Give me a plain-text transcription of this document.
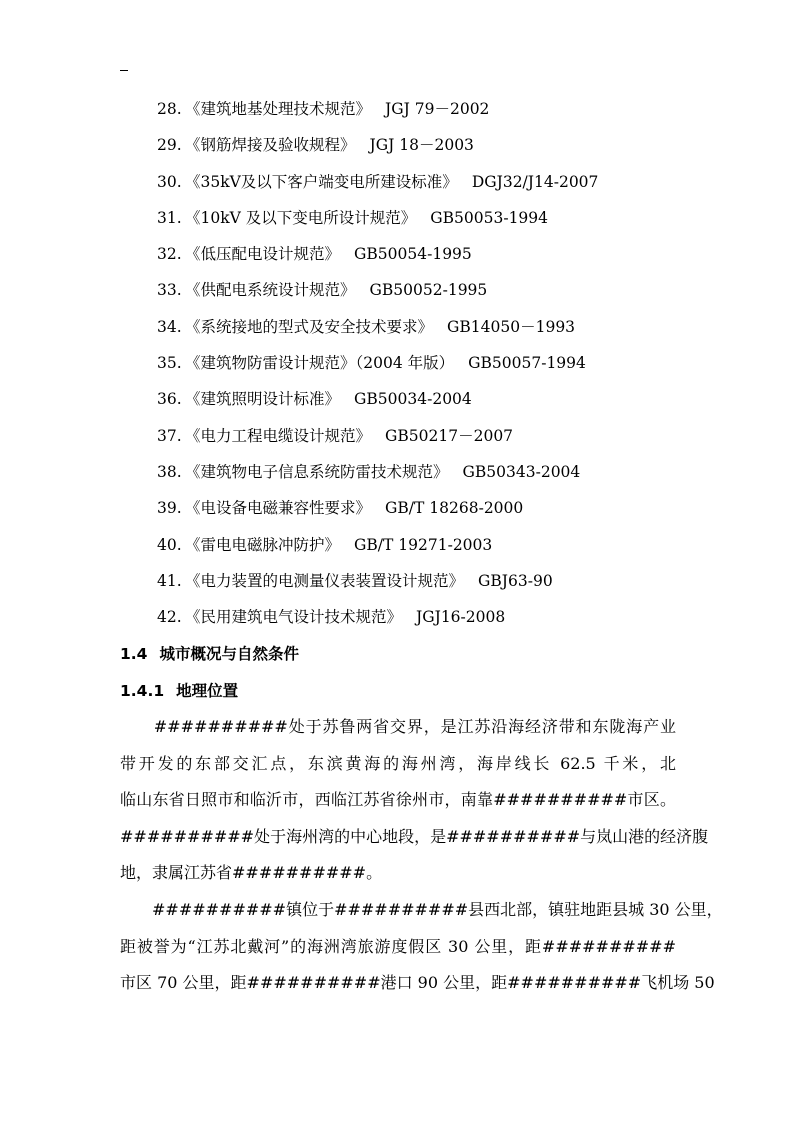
28. 《建筑地基处理技术规范》 JGJ 79－2002
29. 《钢筋焊接及验收规程》 JGJ 18－2003
30. 《35kV及以下客户端变电所建设标准》 DGJ32/J14-2007
31. 《10kV 及以下变电所设计规范》 GB50053-1994
32. 《低压配电设计规范》 GB50054-1995
33. 《供配电系统设计规范》 GB50052-1995
34. 《系统接地的型式及安全技术要求》 GB14050－1993
35. 《建筑物防雷设计规范》（2004 年版） GB50057-1994
36. 《建筑照明设计标准》 GB50034-2004
37. 《电力工程电缆设计规范》 GB50217－2007
38. 《建筑物电子信息系统防雷技术规范》 GB50343-2004
39. 《电设备电磁兼容性要求》 GB/T 18268-2000
40. 《雷电电磁脉冲防护》 GB/T 19271-2003
41. 《电力装置的电测量仪表装置设计规范》 GBJ63-90
42. 《民用建筑电气设计技术规范》 JGJ16-2008
1.4 城市概况与自然条件
1.4.1 地理位置

　　##########处于苏鲁两省交界，是江苏沿海经济带和东陇海产业
带开发的东部交汇点，东滨黄海的海州湾，海岸线长 62.5 千米，北
临山东省日照市和临沂市，西临江苏省徐州市，南靠##########市区。
##########处于海州湾的中心地段，是##########与岚山港的经济腹
地，隶属江苏省##########。

　　##########镇位于##########县西北部，镇驻地距县城 30 公里，
距被誉为“江苏北戴河”的海洲湾旅游度假区 30 公里，距##########
市区 70 公里，距##########港口 90 公里，距##########飞机场 50
